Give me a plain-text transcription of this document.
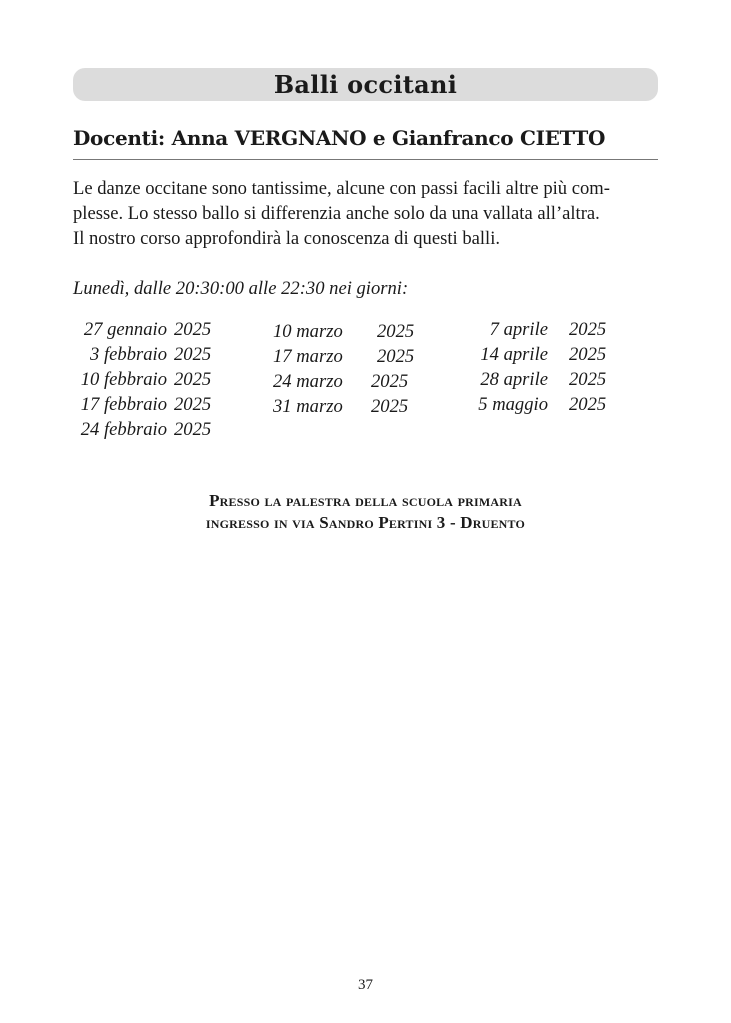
Balli occitani
Docenti: Anna VERGNANO e Gianfranco CIETTO

Le danze occitane sono tantissime, alcune con passi facili altre più com-

plesse. Lo stesso ballo si differenzia anche solo da una vallata all’altra.

Il nostro corso approfondirà la conoscenza di questi balli.

Lunedì, dalle 20:30:00 alle 22:30 nei giorni:
27 gennaio 2025
3 febbraio 2025
10 febbraio 2025
17 febbraio 2025
24 febbraio 2025
10 marzo 2025
17 marzo 2025
24 marzo 2025
31 marzo 2025
7 aprile 2025
14 aprile 2025
28 aprile 2025
5 maggio 2025
Presso la palestra della scuola primaria
ingresso in via Sandro Pertini 3 - Druento
37
